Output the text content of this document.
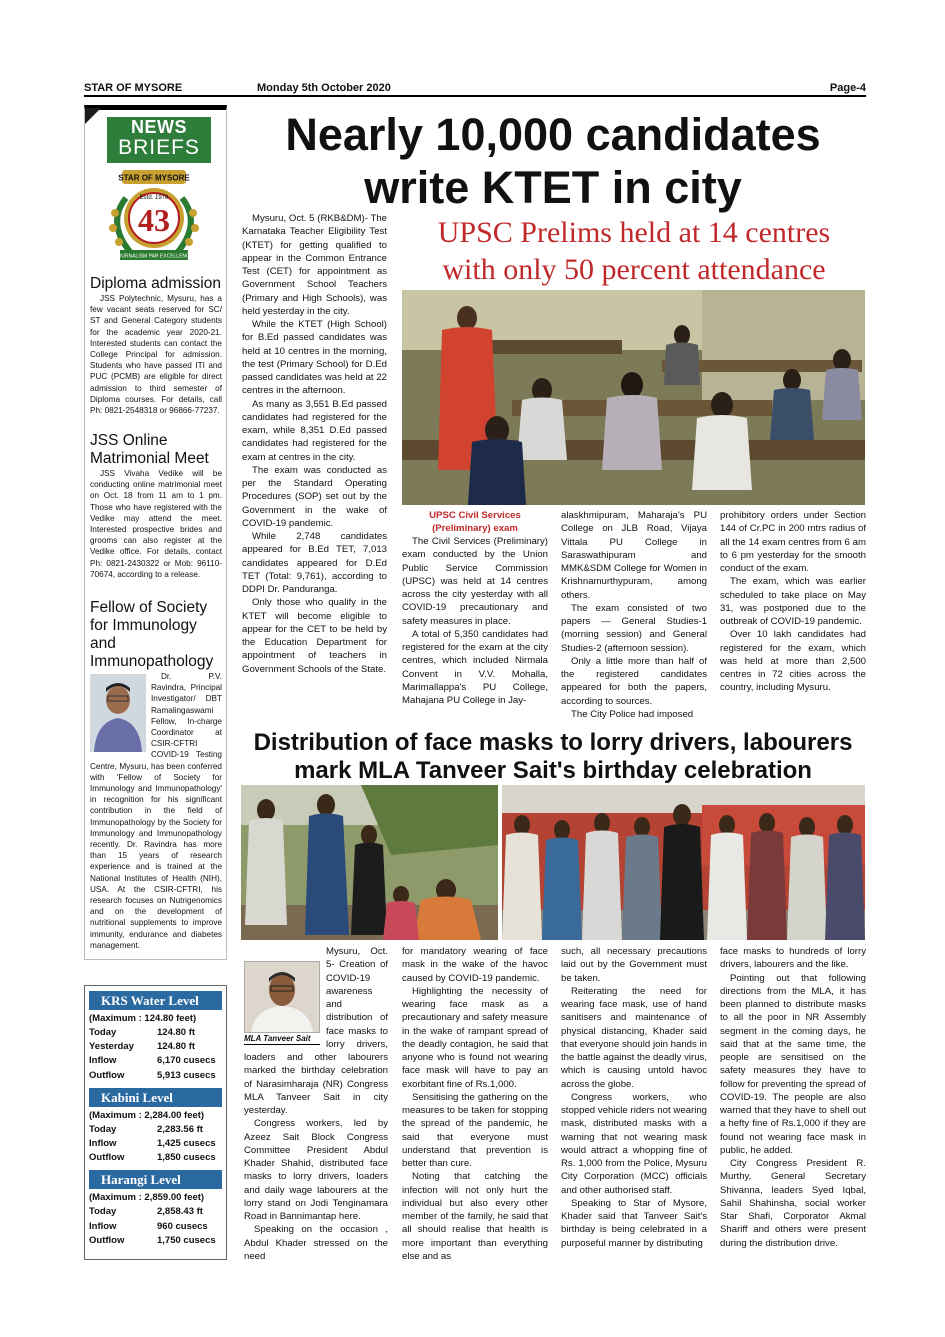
STAR OF MYSORE	Monday 5th October 2020	Page-4
NEWS
BRIEFS
STAR OF MYSORE
Estd. 1978
43
JOURNALISM PAR EXCELLENCE
Diploma admission

JSS Polytechnic, Mysuru, has a few vacant seats reserved for SC/ ST and General Category students for the academic year 2020-21. Interested students can contact the College Principal for admission. Students who have passed ITI and PUC (PCMB) are eligible for direct admission to third semester of Diploma courses. For details, call Ph: 0821-2548318 or 96866-77237.

JSS Online Matrimonial Meet

JSS Vivaha Vedike will be conducting online matrimonial meet on Oct. 18 from 11 am to 1 pm. Those who have registered with the Vedike may attend the meet. Interested prospective brides and grooms can also register at the Vedike office. For details, contact Ph: 0821-2430322 or Mob: 96110-70674, according to a release.

Fellow of Society for Immunology and Immunopathology

Dr. P.V. Ravindra, Principal Investigator/ DBT Ramalingaswami Fellow, In-charge Coordinator at CSIR-CFTRI COVID-19 Testing Centre, Mysuru, has been conferred with 'Fellow of Society for Immunology and Immunopathology' in recognition for his significant contribution in the field of Immunopathology by the Society for Immunology and Immunopathology recently. Dr. Ravindra has more than 15 years of research experience and is trained at the National Institutes of Health (NIH), USA. At the CSIR-CFTRI, his research focuses on Nutrigenomics and on the development of nutritional supplements to improve immunity, endurance and diabetes management.

KRS Water Level
(Maximum : 124.80 feet)
Today	124.80 ft
Yesterday 124.80 ft
Inflow	6,170 cusecs
Outflow	5,913 cusecs
Kabini Level
(Maximum : 2,284.00 feet)
Today	2,283.56 ft
Inflow	1,425 cusecs
Outflow	1,850 cusecs
Harangi Level
(Maximum : 2,859.00 feet)
Today	2,858.43 ft
Inflow	960 cusecs
Outflow	1,750 cusecs
Nearly 10,000 candidates
write KTET in city
UPSC Prelims held at 14 centres
with only 50 percent attendance

Mysuru, Oct. 5 (RKB&DM)- The Karnataka Teacher Eligibility Test (KTET) for getting qualified to appear in the Common Entrance Test (CET) for appointment as Government School Teachers (Primary and High Schools), was held yesterday in the city.

While the KTET (High School) for B.Ed passed candidates was held at 10 centres in the morning, the test (Primary School) for D.Ed passed candidates was held at 22 centres in the afternoon.

As many as 3,551 B.Ed passed candidates had registered for the exam, while 8,351 D.Ed passed candidates had registered for the exam at centres in the city.

The exam was conducted as per the Standard Operating Procedures (SOP) set out by the Government in the wake of COVID-19 pandemic.

While 2,748 candidates appeared for B.Ed TET, 7,013 candidates appeared for D.Ed TET (Total: 9,761), according to DDPI Dr. Panduranga.

Only those who qualify in the KTET will become eligible to appear for the CET to be held by the Education Department for appointment of teachers in Government Schools of the State.

UPSC Civil Services

(Preliminary) exam

The Civil Services (Preliminary) exam conducted by the Union Public Service Commission (UPSC) was held at 14 centres across the city yesterday with all COVID-19 precautionary and safety measures in place.

A total of 5,350 candidates had registered for the exam at the city centres, which included Nirmala Convent in V.V. Mohalla, Marimallappa's PU College, Mahajana PU College in Jay-

alaskhmipuram, Maharaja's PU College on JLB Road, Vijaya Vittala PU College in Saraswathipuram and MMK&SDM College for Women in Krishnamurthypuram, among others.

The exam consisted of two papers — General Studies-1 (morning session) and General Studies-2 (afternoon session).

Only a little more than half of the registered candidates appeared for both the papers, according to sources.

The City Police had imposed

prohibitory orders under Section 144 of Cr.PC in 200 mtrs radius of all the 14 exam centres from 6 am to 6 pm yesterday for the smooth conduct of the exam.

The exam, which was earlier scheduled to take place on May 31, was postponed due to the outbreak of COVID-19 pandemic.

Over 10 lakh candidates had registered for the exam, which was held at more than 2,500 centres in 72 cities across the country, including Mysuru.

Distribution of face masks to lorry drivers, labourers
mark MLA Tanveer Sait's birthday celebration
MLA Tanveer Sait

Mysuru, Oct. 5- Creation of COVID-19 awareness and distribution of face masks to lorry drivers, loaders and other labourers marked the birthday celebration of Narasimharaja (NR) Congress MLA Tanveer Sait in city yesterday.

Congress workers, led by Azeez Sait Block Congress Committee President Abdul Khader Shahid, distributed face masks to lorry drivers, loaders and daily wage labourers at the lorry stand on Jodi Tenginamara Road in Bannimantap here.

Speaking on the occasion , Abdul Khader stressed on the need

for mandatory wearing of face mask in the wake of the havoc caused by COVID-19 pandemic.

Highlighting the necessity of wearing face mask as a precautionary and safety measure in the wake of rampant spread of the deadly contagion, he said that anyone who is found not wearing face mask will have to pay an exorbitant fine of Rs.1,000.

Sensitising the gathering on the measures to be taken for stopping the spread of the pandemic, he said that everyone must understand that prevention is better than cure.

Noting that catching the infection will not only hurt the individual but also every other member of the family, he said that all should realise that health is more important than everything else and as

such, all necessary precautions laid out by the Government must be taken.

Reiterating the need for wearing face mask, use of hand sanitisers and maintenance of physical distancing, Khader said that everyone should join hands in the battle against the deadly virus, which is causing untold havoc across the globe.

Congress workers, who stopped vehicle riders not wearing mask, distributed masks with a warning that not wearing mask would attract a whopping fine of Rs. 1,000 from the Police, Mysuru City Corporation (MCC) officials and other authorised staff.

Speaking to Star of Mysore, Khader said that Tanveer Sait's birthday is being celebrated in a purposeful manner by distributing

face masks to hundreds of lorry drivers, labourers and the like.

Pointing out that following directions from the MLA, it has been planned to distribute masks to all the poor in NR Assembly segment in the coming days, he said that at the same time, the people are sensitised on the safety measures they have to follow for preventing the spread of COVID-19. The people are also warned that they have to shell out a hefty fine of Rs.1,000 if they are found not wearing face mask in public, he added.

City Congress President R. Murthy, General Secretary Shivanna, leaders Syed Iqbal, Sahil Shahinsha, social worker Star Shafi, Corporator Akmal Shariff and others were present during the distribution drive.
